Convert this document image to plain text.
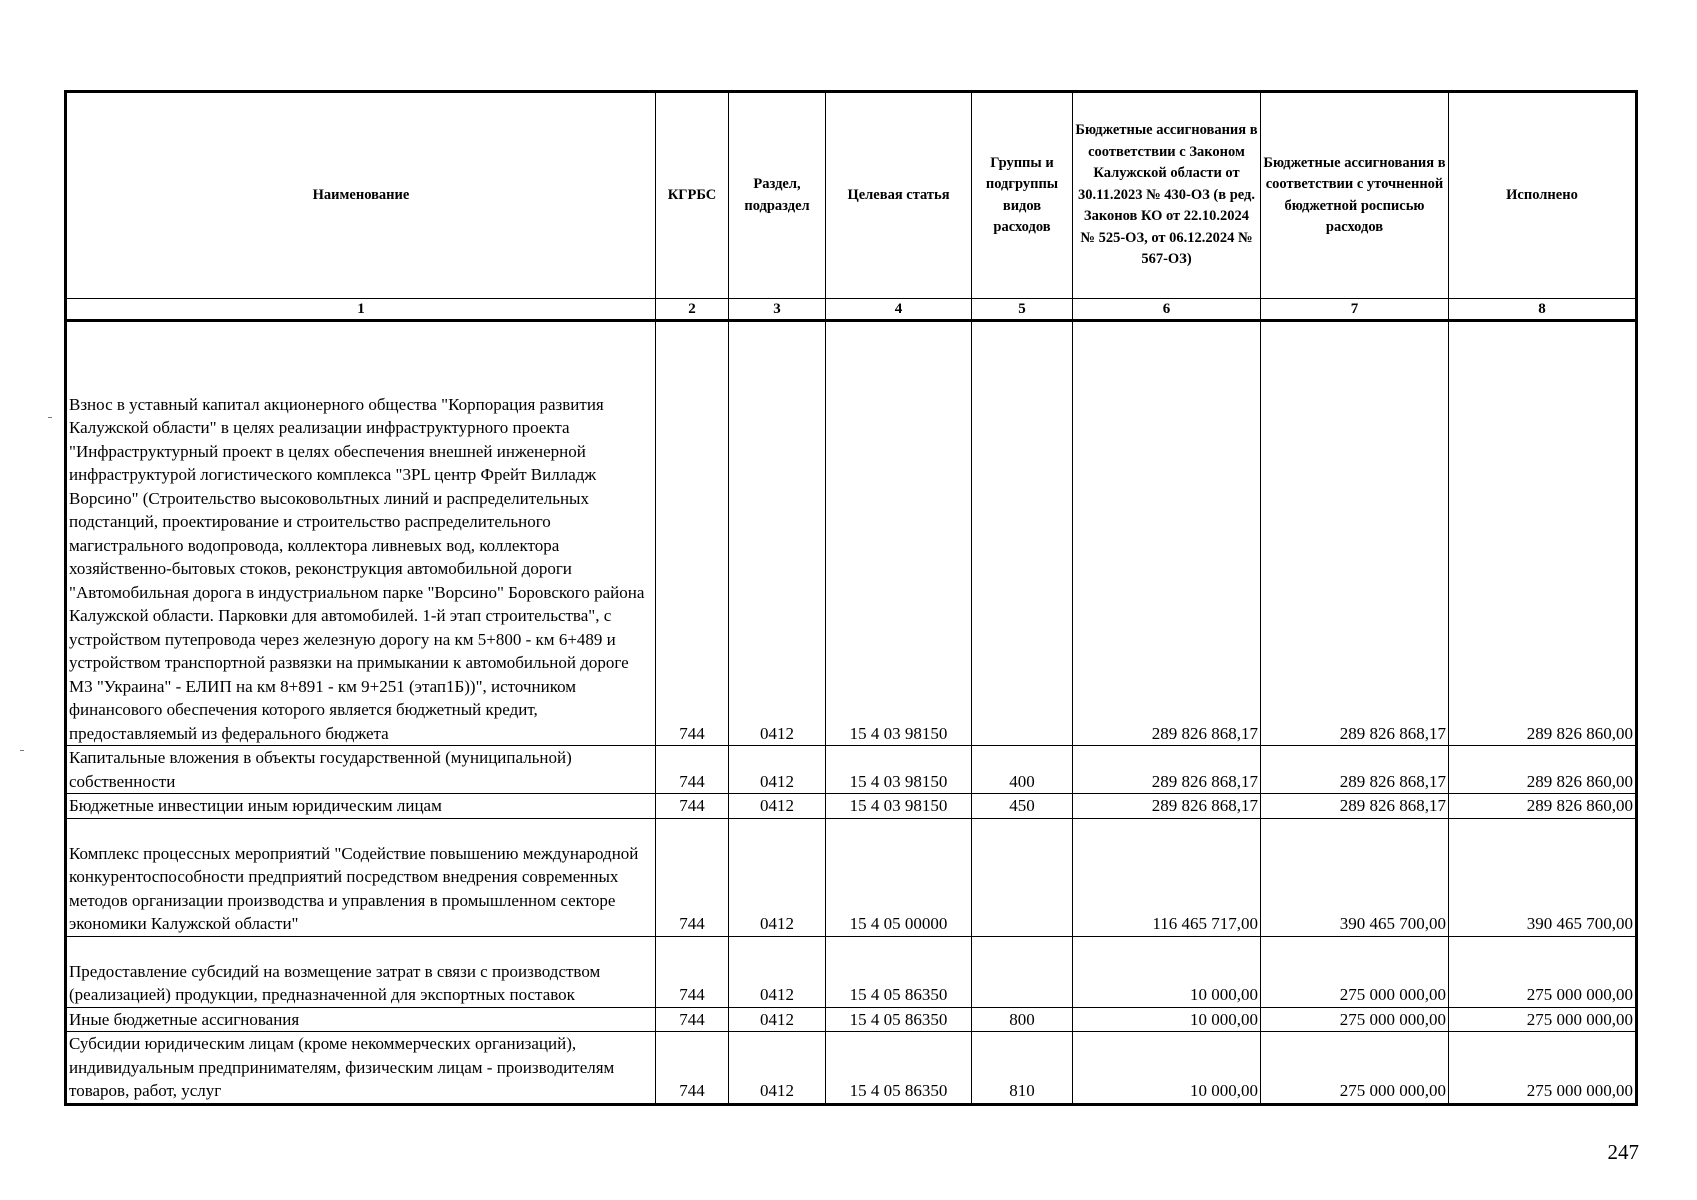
Наименование	КГРБС	Раздел, подраздел	Целевая статья	Группы и подгруппы видов расходов	Бюджетные ассигнования в соответствии с Законом Калужской области от 30.11.2023 № 430-ОЗ (в ред. Законов КО от 22.10.2024 № 525-ОЗ, от 06.12.2024 № 567-ОЗ)	Бюджетные ассигнования в соответствии с уточненной бюджетной росписью расходов	Исполнено
1	2	3	4	5	6	7	8
Взнос в уставный капитал акционерного общества "Корпорация развития Калужской области" в целях реализации инфраструктурного проекта "Инфраструктурный проект в целях обеспечения внешней инженерной инфраструктурой логистического комплекса "3PL центр Фрейт Вилладж Ворсино" (Строительство высоковольтных линий и распределительных подстанций, проектирование и строительство распределительного магистрального водопровода, коллектора ливневых вод, коллектора хозяйственно-бытовых стоков, реконструкция автомобильной дороги "Автомобильная дорога в индустриальном парке "Ворсино" Боровского района Калужской области. Парковки для автомобилей. 1-й этап строительства", с устройством путепровода через железную дорогу на км 5+800 - км 6+489 и устройством транспортной развязки на примыкании к автомобильной дороге М3 "Украина" - ЕЛИП на км 8+891 - км 9+251 (этап1Б))", источником финансового обеспечения которого является бюджетный кредит, предоставляемый из федерального бюджета	744	0412	15 4 03 98150		289 826 868,17	289 826 868,17	289 826 860,00
Капитальные вложения в объекты государственной (муниципальной) собственности	744	0412	15 4 03 98150	400	289 826 868,17	289 826 868,17	289 826 860,00
Бюджетные инвестиции иным юридическим лицам	744	0412	15 4 03 98150	450	289 826 868,17	289 826 868,17	289 826 860,00
Комплекс процессных мероприятий "Содействие повышению международной конкурентоспособности предприятий посредством внедрения современных методов организации производства и управления в промышленном секторе экономики Калужской области"	744	0412	15 4 05 00000		116 465 717,00	390 465 700,00	390 465 700,00
Предоставление субсидий на возмещение затрат в связи с производством (реализацией) продукции, предназначенной для экспортных поставок	744	0412	15 4 05 86350		10 000,00	275 000 000,00	275 000 000,00
Иные бюджетные ассигнования	744	0412	15 4 05 86350	800	10 000,00	275 000 000,00	275 000 000,00
Субсидии юридическим лицам (кроме некоммерческих организаций), индивидуальным предпринимателям, физическим лицам - производителям товаров, работ, услуг	744	0412	15 4 05 86350	810	10 000,00	275 000 000,00	275 000 000,00
247
